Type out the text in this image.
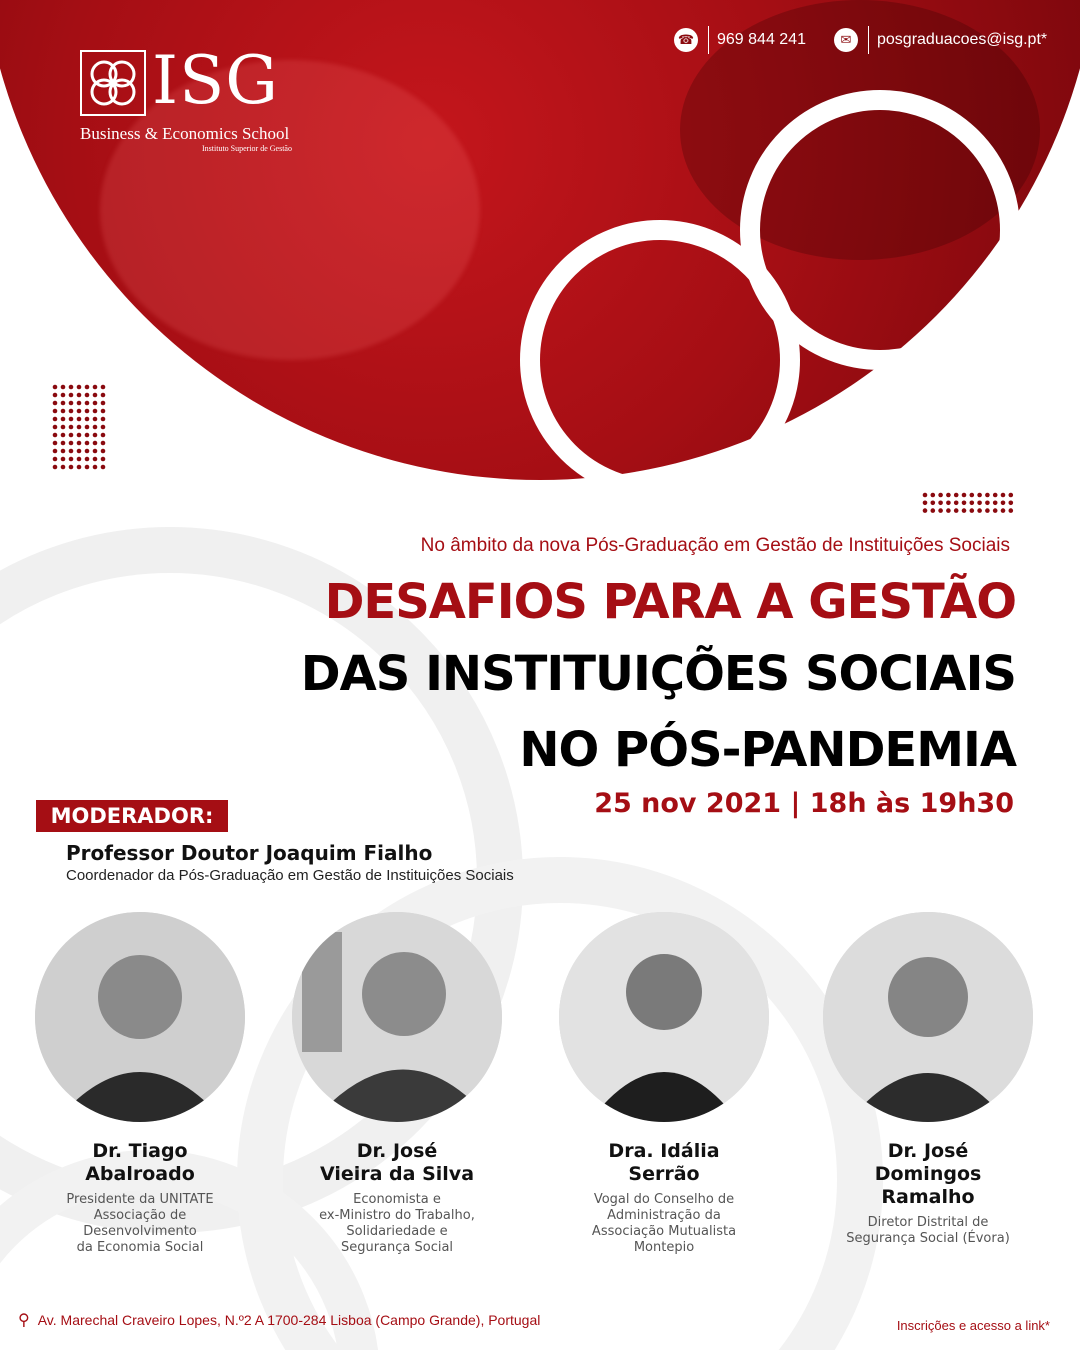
ISG
Business & Economics School
Instituto Superior de Gestão
☎ 969 844 241	✉	posgraduacoes@isg.pt*
No âmbito da nova Pós-Graduação em Gestão de Instituições Sociais
DESAFIOS PARA A GESTÃO
DAS INSTITUIÇÕES SOCIAIS
NO PÓS-PANDEMIA
25 nov 2021 | 18h às 19h30
MODERADOR:
Professor Doutor Joaquim Fialho
Coordenador da Pós-Graduação em Gestão de Instituições Sociais
Dr. Tiago
Abalroado
Presidente da UNITATE
Associação de
Desenvolvimento
da Economia Social
Dr. José
Vieira da Silva
Economista e
ex-Ministro do Trabalho,
Solidariedade e
Segurança Social
Dra. Idália
Serrão
Vogal do Conselho de
Administração da
Associação Mutualista
Montepio
Dr. José
Domingos
Ramalho
Diretor Distrital de
Segurança Social (Évora)
⚲ Av. Marechal Craveiro Lopes, N.º2 A 1700-284 Lisboa (Campo Grande), Portugal	Inscrições e acesso a link*
